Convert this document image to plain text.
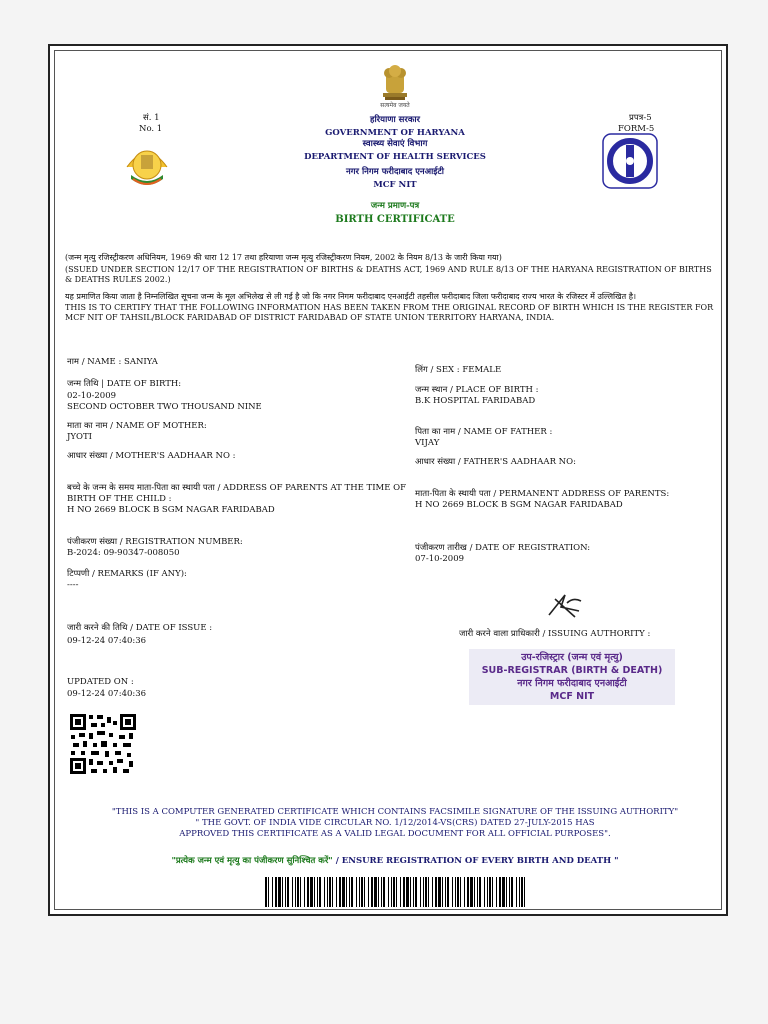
सत्यमेव जयते
सं. 1
No. 1
प्रपत्र-5
FORM-5
हरियाणा सरकार
GOVERNMENT OF HARYANA
स्वास्थ्य सेवाएं विभाग
DEPARTMENT OF HEALTH SERVICES
नगर निगम फरीदाबाद एनआईटी
MCF NIT
जन्म प्रमाण-पत्र
BIRTH CERTIFICATE
(जन्म मृत्यु रजिस्ट्रीकरण अधिनियम, 1969 की धारा 12 17 तथा हरियाणा जन्म मृत्यु रजिस्ट्रीकरण नियम, 2002 के नियम 8/13 के जारी किया गया)
(SSUED UNDER SECTION 12/17 OF THE REGISTRATION OF BIRTHS & DEATHS ACT, 1969 AND RULE 8/13 OF THE HARYANA REGISTRATION OF BIRTHS & DEATHS RULES 2002.)
यह प्रमाणित किया जाता है निम्नलिखित सूचना जन्म के मूल अभिलेख से ली गई है जो कि नगर निगम फरीदाबाद एनआईटी तहसील फरीदाबाद जिला फरीदाबाद राज्य भारत के रजिस्टर में उल्लिखित है।
THIS IS TO CERTIFY THAT THE FOLLOWING INFORMATION HAS BEEN TAKEN FROM THE ORIGINAL RECORD OF BIRTH WHICH IS THE REGISTER FOR MCF NIT OF TAHSIL/BLOCK FARIDABAD OF DISTRICT FARIDABAD OF STATE UNION TERRITORY HARYANA, INDIA.
नाम / NAME : SANIYA
जन्म तिथि | DATE OF BIRTH:
02-10-2009
SECOND OCTOBER TWO THOUSAND NINE
माता का नाम / NAME OF MOTHER:
JYOTI
आधार संख्या / MOTHER'S AADHAAR NO :
बच्चे के जन्म के समय माता-पिता का स्थायी पता / ADDRESS OF PARENTS AT THE TIME OF BIRTH OF THE CHILD :
H NO 2669 BLOCK B SGM NAGAR FARIDABAD
पंजीकरण संख्या / REGISTRATION NUMBER:
B-2024: 09-90347-008050
टिप्पणी / REMARKS (IF ANY):
----
जारी करने की तिथि / DATE OF ISSUE :
09-12-24 07:40:36
UPDATED ON :
09-12-24 07:40:36
लिंग / SEX : FEMALE
जन्म स्थान / PLACE OF BIRTH :
B.K HOSPITAL FARIDABAD
पिता का नाम / NAME OF FATHER :
VIJAY
आधार संख्या / FATHER'S AADHAAR NO:
माता-पिता के स्थायी पता / PERMANENT ADDRESS OF PARENTS:
H NO 2669 BLOCK B SGM NAGAR FARIDABAD
पंजीकरण तारीख / DATE OF REGISTRATION:
07-10-2009
जारी करने वाला प्राधिकारी / ISSUING AUTHORITY :
उप-रजिस्ट्रार (जन्म एवं मृत्यु)
SUB-REGISTRAR (BIRTH & DEATH)
नगर निगम फरीदाबाद एनआईटी
MCF NIT
"THIS IS A COMPUTER GENERATED CERTIFICATE WHICH CONTAINS FACSIMILE SIGNATURE OF THE ISSUING AUTHORITY"
" THE GOVT. OF INDIA VIDE CIRCULAR NO. 1/12/2014-VS(CRS) DATED 27-JULY-2015 HAS
APPROVED THIS CERTIFICATE AS A VALID LEGAL DOCUMENT FOR ALL OFFICIAL PURPOSES".
"प्रत्येक जन्म एवं मृत्यु का पंजीकरण सुनिश्चित करें" / ENSURE REGISTRATION OF EVERY BIRTH AND DEATH "
